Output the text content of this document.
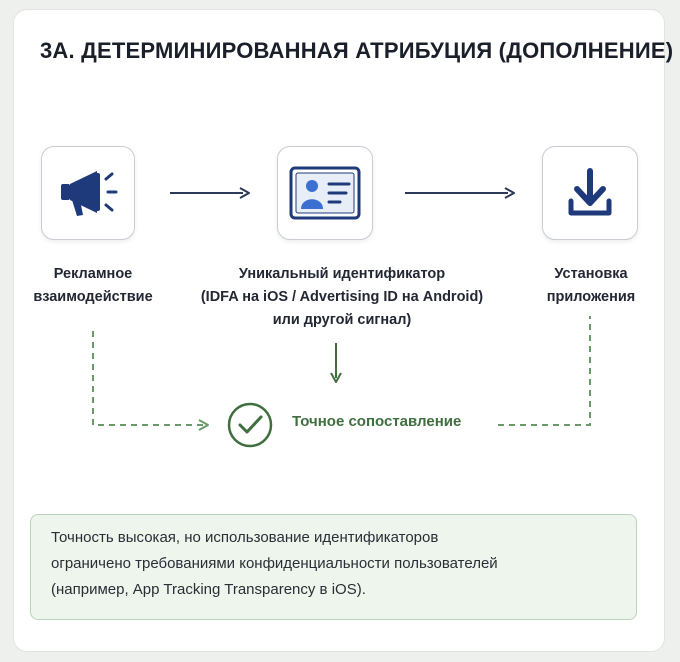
3А. ДЕТЕРМИНИРОВАННАЯ АТРИБУЦИЯ (ДОПОЛНЕНИЕ)
Рекламное
взаимодействие
Уникальный идентификатор
(IDFA на iOS / Advertising ID на Android)
или другой сигнал)
Установка
приложения
Точное сопоставление

Точность высокая, но использование идентификаторов

ограничено требованиями конфиденциальности пользователей

(например, App Tracking Transparency в iOS).
